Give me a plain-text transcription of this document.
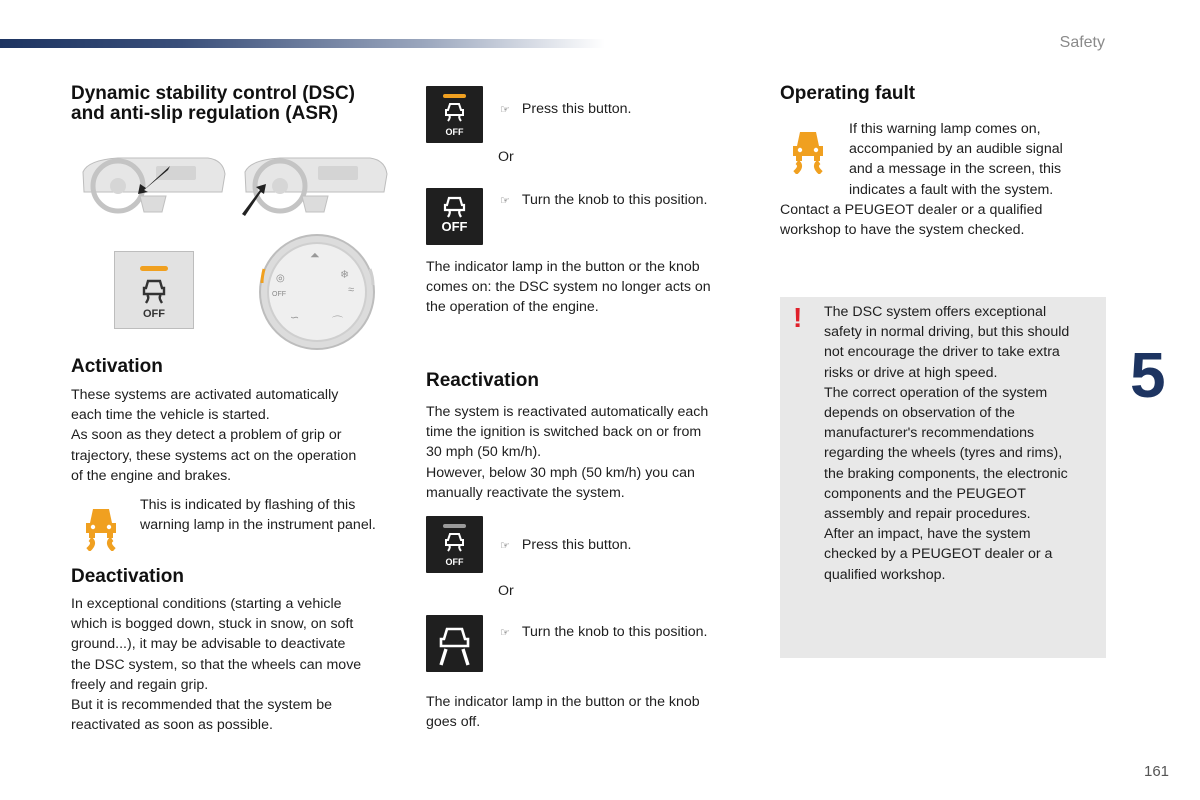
Safety
Dynamic stability control (DSC)
and anti-slip regulation (ASR)
OFF
◎
OFF
⏶
❄
≈
∽	⌒
Activation
These systems are activated automatically
each time the vehicle is started.
As soon as they detect a problem of grip or
trajectory, these systems act on the operation
of the engine and brakes.
This is indicated by flashing of this
warning lamp in the instrument panel.
Deactivation
In exceptional conditions (starting a vehicle
which is bogged down, stuck in snow, on soft
ground...), it may be advisable to deactivate
the DSC system, so that the wheels can move
freely and regain grip.
But it is recommended that the system be
reactivated as soon as possible.
OFF
☞ Press this button.
Or
OFF
☞ Turn the knob to this position.
The indicator lamp in the button or the knob
comes on: the DSC system no longer acts on
the operation of the engine.
Reactivation
The system is reactivated automatically each
time the ignition is switched back on or from
30 mph (50 km/h).
However, below 30 mph (50 km/h) you can
manually reactivate the system.
OFF
☞ Press this button.
Or
☞ Turn the knob to this position.
The indicator lamp in the button or the knob
goes off.
Operating fault
If this warning lamp comes on,
accompanied by an audible signal
and a message in the screen, this
indicates a fault with the system.
Contact a PEUGEOT dealer or a qualified
workshop to have the system checked.
! The DSC system offers exceptional
safety in normal driving, but this should
not encourage the driver to take extra
risks or drive at high speed.
The correct operation of the system
depends on observation of the
manufacturer's recommendations
regarding the wheels (tyres and rims),
the braking components, the electronic
components and the PEUGEOT
assembly and repair procedures.
After an impact, have the system
checked by a PEUGEOT dealer or a
qualified workshop.
5
161
